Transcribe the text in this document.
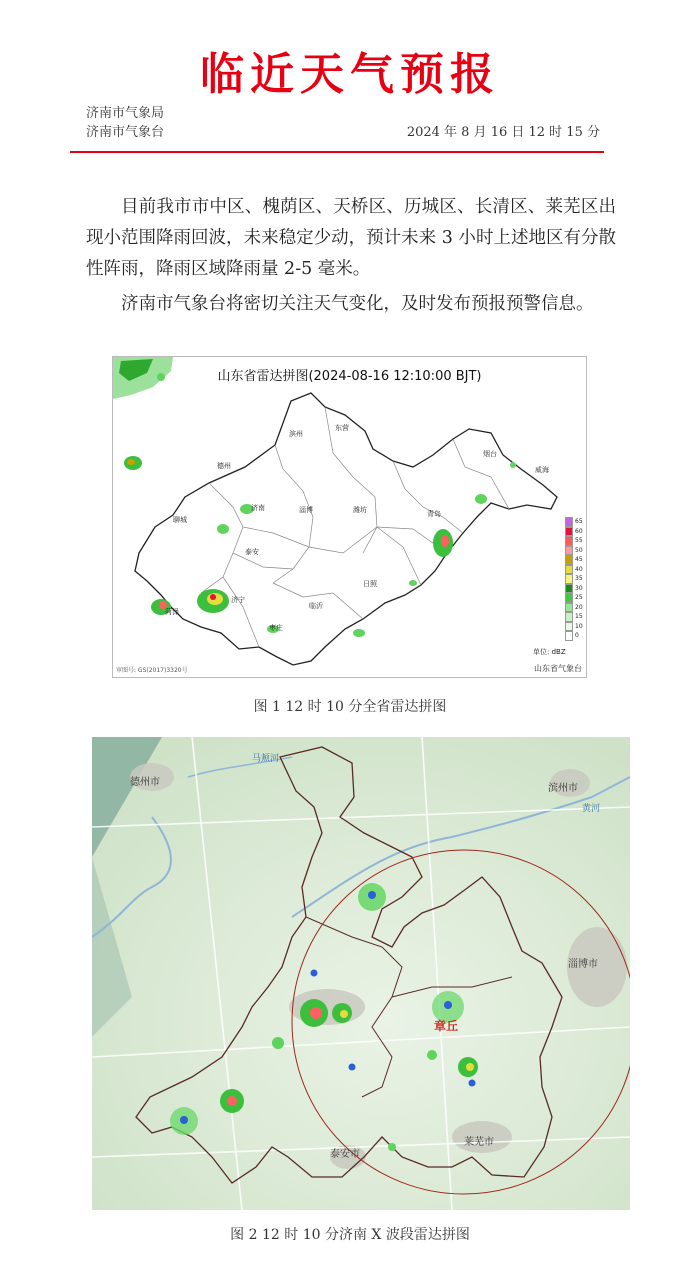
临近天气预报
济南市气象局
济南市气象台	2024 年 8 月 16 日 12 时 15 分
目前我市市中区、槐荫区、天桥区、历城区、长清区、莱芜区出现小范围降雨回波，未来稳定少动，预计未来 3 小时上述地区有分散性阵雨，降雨区域降雨量 2-5 毫米。
济南市气象台将密切关注天气变化，及时发布预报预警信息。
山东省雷达拼图(2024-08-16 12:10:00 BJT)
滨州
东营
德州
烟台
威海
聊城
济南	淄博	潍坊	青岛
泰安
日照
济宁
菏泽
临沂
枣庄
65
60
55
50
45
40
35
30
25
20
15
10
0
单位: dBZ
审图号: GS(2017)3320号	山东省气象台
图 1 12 时 10 分全省雷达拼图
德州市
滨州市
马颊河
黄河
淄博市
章丘
莱芜市
泰安市
图 2 12 时 10 分济南 X 波段雷达拼图
